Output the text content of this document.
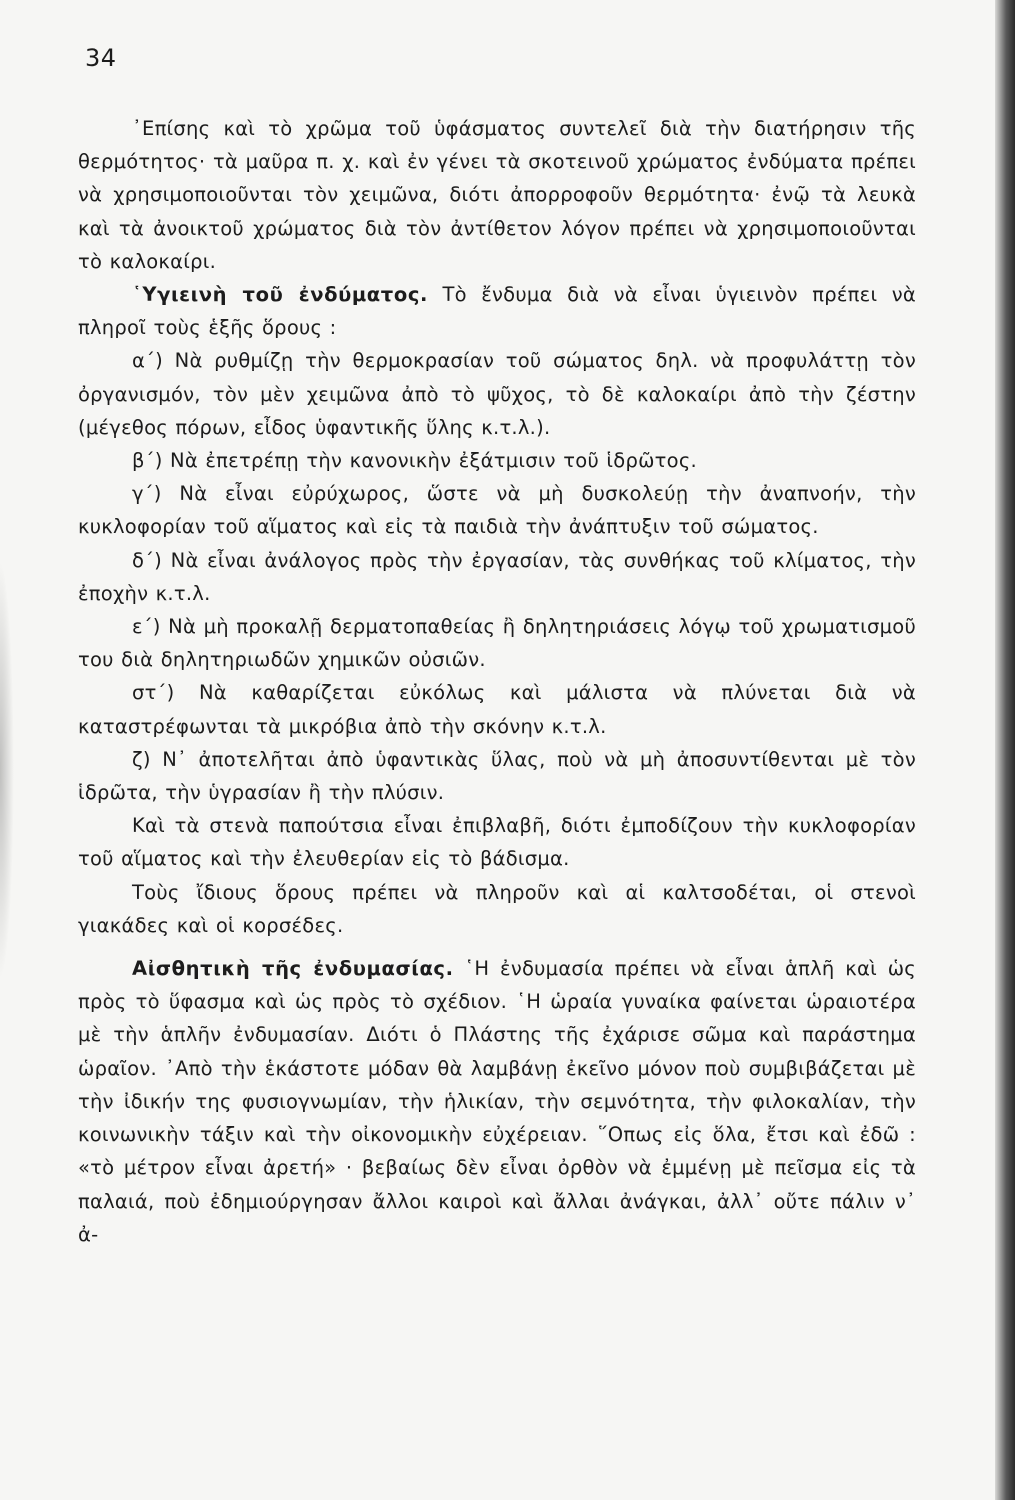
34

᾿Επίσης καὶ τὸ χρῶμα τοῦ ὑφάσματος συντελεῖ διὰ τὴν διατήρησιν τῆς θερμότητος· τὰ μαῦρα π. χ. καὶ ἐν γένει τὰ σκοτεινοῦ χρώματος ἐνδύματα πρέπει νὰ χρησιμοποιοῦνται τὸν χειμῶνα, διότι ἀπορροφοῦν θερμότητα· ἐνῷ τὰ λευκὰ καὶ τὰ ἀνοικτοῦ χρώματος διὰ τὸν ἀντίθετον λόγον πρέπει νὰ χρησιμοποιοῦνται τὸ καλοκαίρι.

῾Υγιεινὴ τοῦ ἐνδύματος. Τὸ ἔνδυμα διὰ νὰ εἶναι ὑγιεινὸν πρέπει νὰ πληροῖ τοὺς ἑξῆς ὅρους :

α΄) Νὰ ρυθμίζῃ τὴν θερμοκρασίαν τοῦ σώματος δηλ. νὰ προφυλάττῃ τὸν ὀργανισμόν, τὸν μὲν χειμῶνα ἀπὸ τὸ ψῦχος, τὸ δὲ καλοκαίρι ἀπὸ τὴν ζέστην (μέγεθος πόρων, εἶδος ὑφαντικῆς ὕλης κ.τ.λ.).

β΄) Νὰ ἐπετρέπῃ τὴν κανονικὴν ἐξάτμισιν τοῦ ἱδρῶτος.

γ΄) Νὰ εἶναι εὐρύχωρος, ὥστε νὰ μὴ δυσκολεύῃ τὴν ἀναπνοήν, τὴν κυκλοφορίαν τοῦ αἵματος καὶ εἰς τὰ παιδιὰ τὴν ἀνάπτυξιν τοῦ σώματος.

δ΄) Νὰ εἶναι ἀνάλογος πρὸς τὴν ἐργασίαν, τὰς συνθήκας τοῦ κλίματος, τὴν ἐποχὴν κ.τ.λ.

ε΄) Νὰ μὴ προκαλῇ δερματοπαθείας ἢ δηλητηριάσεις λόγῳ τοῦ χρωματισμοῦ του διὰ δηλητηριωδῶν χημικῶν οὐσιῶν.

στ΄) Νὰ καθαρίζεται εὐκόλως καὶ μάλιστα νὰ πλύνεται διὰ νὰ καταστρέφωνται τὰ μικρόβια ἀπὸ τὴν σκόνην κ.τ.λ.

ζ) Ν᾿ ἀποτελῆται ἀπὸ ὑφαντικὰς ὕλας, ποὺ νὰ μὴ ἀποσυντίθενται μὲ τὸν ἱδρῶτα, τὴν ὑγρασίαν ἢ τὴν πλύσιν.

Καὶ τὰ στενὰ παπούτσια εἶναι ἐπιβλαβῆ, διότι ἐμποδίζουν τὴν κυκλοφορίαν τοῦ αἵματος καὶ τὴν ἐλευθερίαν εἰς τὸ βάδισμα.

Τοὺς ἴδιους ὅρους πρέπει νὰ πληροῦν καὶ αἱ καλτσοδέται, οἱ στενοὶ γιακάδες καὶ οἱ κορσέδες.

Αἰσθητικὴ τῆς ἐνδυμασίας. ῾Η ἐνδυμασία πρέπει νὰ εἶναι ἁπλῆ καὶ ὡς πρὸς τὸ ὕφασμα καὶ ὡς πρὸς τὸ σχέδιον. ῾Η ὡραία γυναίκα φαίνεται ὡραιοτέρα μὲ τὴν ἁπλῆν ἐνδυμασίαν. Διότι ὁ Πλάστης τῆς ἐχάρισε σῶμα καὶ παράστημα ὡραῖον. ᾿Απὸ τὴν ἑκάστοτε μόδαν θὰ λαμβάνῃ ἐκεῖνο μόνον ποὺ συμβιβάζεται μὲ τὴν ἰδικήν της φυσιογνωμίαν, τὴν ἡλικίαν, τὴν σεμνότητα, τὴν φιλοκαλίαν, τὴν κοινωνικὴν τάξιν καὶ τὴν οἰκονομικὴν εὐχέρειαν. ῞Οπως εἰς ὅλα, ἔτσι καὶ ἐδῶ : «τὸ μέτρον εἶναι ἀρετή» · βεβαίως δὲν εἶναι ὀρθὸν νὰ ἐμμένῃ μὲ πεῖσμα εἰς τὰ παλαιά, ποὺ ἐδημιούργησαν ἄλλοι καιροὶ καὶ ἄλλαι ἀνάγκαι, ἀλλ᾿ οὔτε πάλιν ν᾿ ἀ-
